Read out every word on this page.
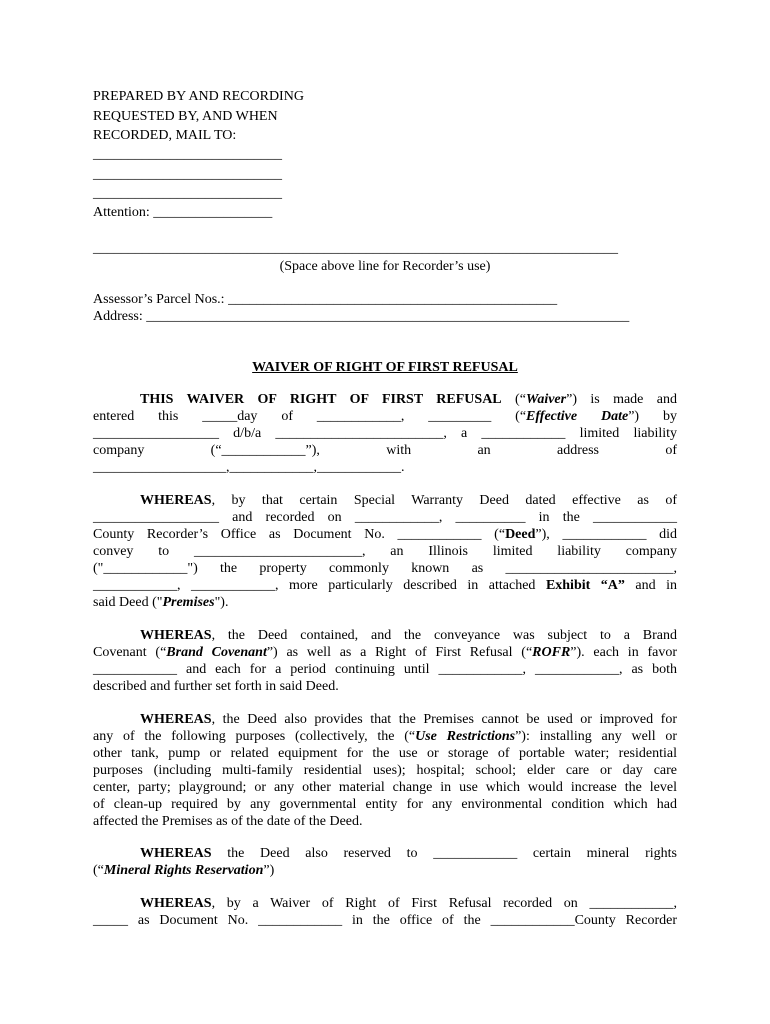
PREPARED BY AND RECORDING
REQUESTED BY, AND WHEN
RECORDED, MAIL TO:
___________________________
___________________________
___________________________
Attention: _________________
___________________________________________________________________________
(Space above line for Recorder’s use)
Assessor’s Parcel Nos.: _______________________________________________
Address: _____________________________________________________________________
WAIVER OF RIGHT OF FIRST REFUSAL
THIS WAIVER OF RIGHT OF FIRST REFUSAL (“Waiver”) is made and
entered this _____day of ____________, _________ (“Effective Date”) by
__________________ d/b/a ________________________, a ____________ limited liability
company (“____________”), with an address of
___________________,____________,____________.
WHEREAS, by that certain Special Warranty Deed dated effective as of
__________________ and recorded on ____________, __________ in the ____________
County Recorder’s Office as Document No. ____________ (“Deed”), ____________ did
convey to ________________________, an Illinois limited liability company
("____________") the property commonly known as ________________________,
____________, ____________, more particularly described in attached Exhibit “A” and in
said Deed ("Premises").
WHEREAS, the Deed contained, and the conveyance was subject to a Brand
Covenant (“Brand Covenant”) as well as a Right of First Refusal (“ROFR”). each in favor
____________ and each for a period continuing until ____________, ____________, as both
described and further set forth in said Deed.
WHEREAS, the Deed also provides that the Premises cannot be used or improved for
any of the following purposes (collectively, the (“Use Restrictions”): installing any well or
other tank, pump or related equipment for the use or storage of portable water; residential
purposes (including multi-family residential uses); hospital; school; elder care or day care
center, party; playground; or any other material change in use which would increase the level
of clean-up required by any governmental entity for any environmental condition which had
affected the Premises as of the date of the Deed.
WHEREAS the Deed also reserved to ____________ certain mineral rights
(“Mineral Rights Reservation”)
WHEREAS, by a Waiver of Right of First Refusal recorded on ____________,
_____ as Document No. ____________ in the office of the ____________County Recorder
